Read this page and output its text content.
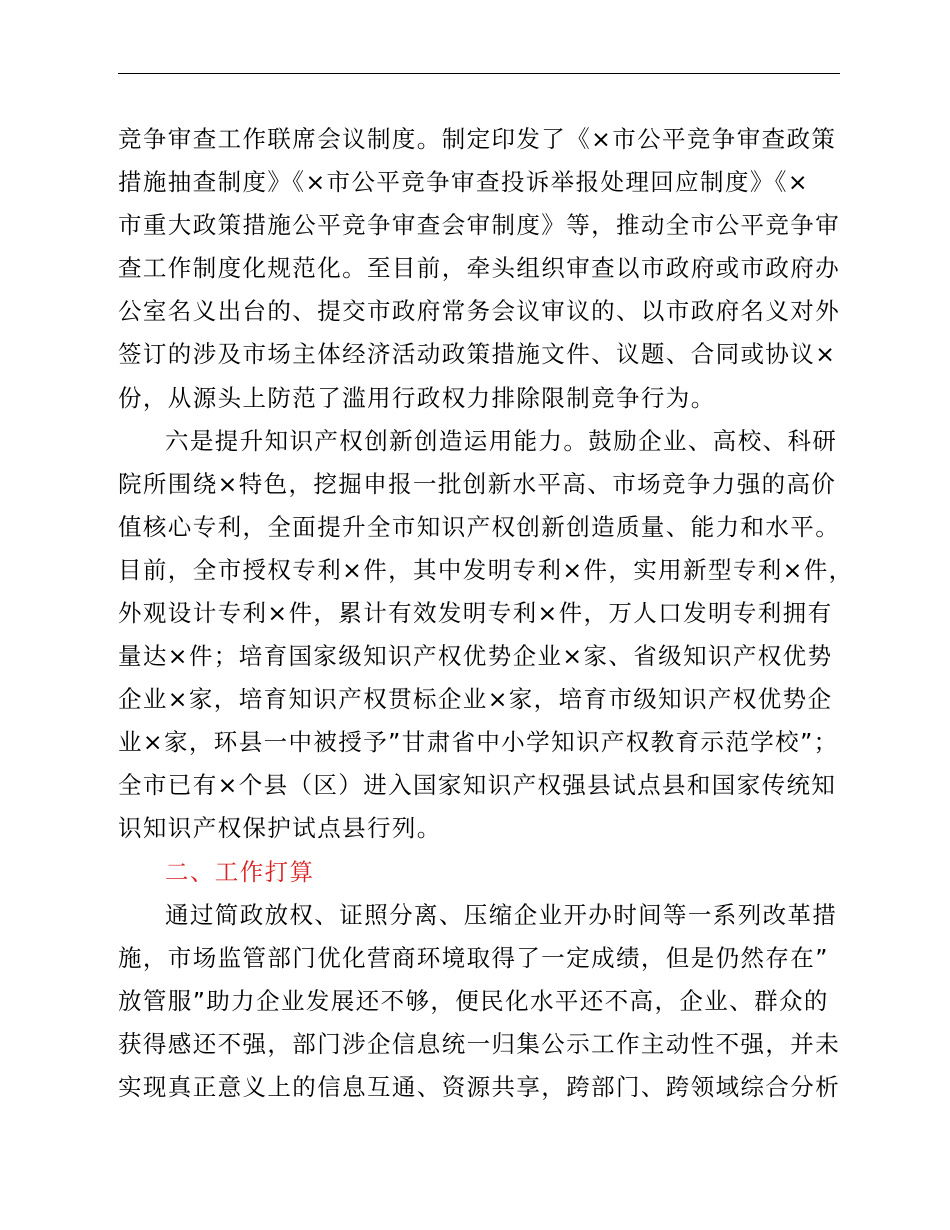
竞争审查工作联席会议制度。制定印发了《×市公平竞争审查政策
措施抽查制度》《×市公平竞争审查投诉举报处理回应制度》《×
市重大政策措施公平竞争审查会审制度》等，推动全市公平竞争审
查工作制度化规范化。至目前，牵头组织审查以市政府或市政府办
公室名义出台的、提交市政府常务会议审议的、以市政府名义对外
签订的涉及市场主体经济活动政策措施文件、议题、合同或协议×
份，从源头上防范了滥用行政权力排除限制竞争行为。
六是提升知识产权创新创造运用能力。鼓励企业、高校、科研
院所围绕×特色，挖掘申报一批创新水平高、市场竞争力强的高价
值核心专利，全面提升全市知识产权创新创造质量、能力和水平。
目前，全市授权专利×件，其中发明专利×件，实用新型专利×件，
外观设计专利×件，累计有效发明专利×件，万人口发明专利拥有
量达×件；培育国家级知识产权优势企业×家、省级知识产权优势
企业×家，培育知识产权贯标企业×家，培育市级知识产权优势企
业×家，环县一中被授予”甘肃省中小学知识产权教育示范学校”；
全市已有×个县（区）进入国家知识产权强县试点县和国家传统知
识知识产权保护试点县行列。
二、工作打算
通过简政放权、证照分离、压缩企业开办时间等一系列改革措
施，市场监管部门优化营商环境取得了一定成绩，但是仍然存在”
放管服”助力企业发展还不够，便民化水平还不高，企业、群众的
获得感还不强，部门涉企信息统一归集公示工作主动性不强，并未
实现真正意义上的信息互通、资源共享，跨部门、跨领域综合分析
